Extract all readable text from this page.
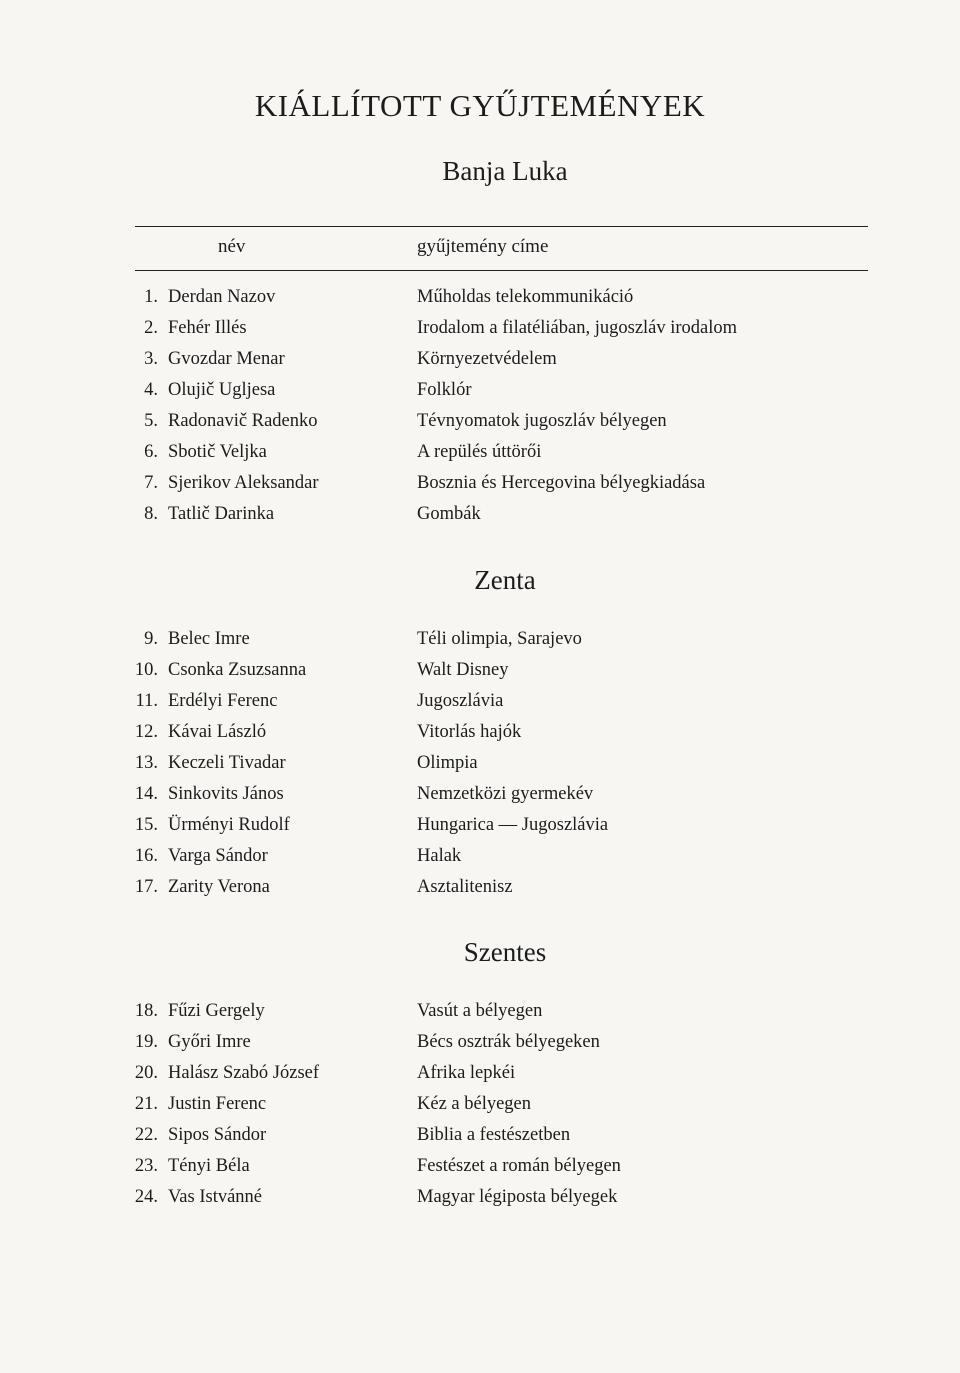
KIÁLLÍTOTT GYŰJTEMÉNYEK
Banja Luka
név	gyűjtemény címe
1. Derdan Nazov	Műholdas telekommunikáció
2. Fehér Illés	Irodalom a filatéliában, jugoszláv irodalom
3. Gvozdar Menar	Környezetvédelem
4. Olujič Ugljesa	Folklór
5. Radonavič Radenko	Tévnyomatok jugoszláv bélyegen
6. Sbotič Veljka	A repülés úttörői
7. Sjerikov Aleksandar	Bosznia és Hercegovina bélyegkiadása
8. Tatlič Darinka	Gombák
Zenta
9. Belec Imre	Téli olimpia, Sarajevo
10. Csonka Zsuzsanna	Walt Disney
11. Erdélyi Ferenc	Jugoszlávia
12. Kávai László	Vitorlás hajók
13. Keczeli Tivadar	Olimpia
14. Sinkovits János	Nemzetközi gyermekév
15. Ürményi Rudolf	Hungarica — Jugoszlávia
16. Varga Sándor	Halak
17. Zarity Verona	Asztalitenisz
Szentes
18. Fűzi Gergely	Vasút a bélyegen
19. Győri Imre	Bécs osztrák bélyegeken
20. Halász Szabó József	Afrika lepkéi
21. Justin Ferenc	Kéz a bélyegen
22. Sipos Sándor	Biblia a festészetben
23. Tényi Béla	Festészet a román bélyegen
24. Vas Istvánné	Magyar légiposta bélyegek
